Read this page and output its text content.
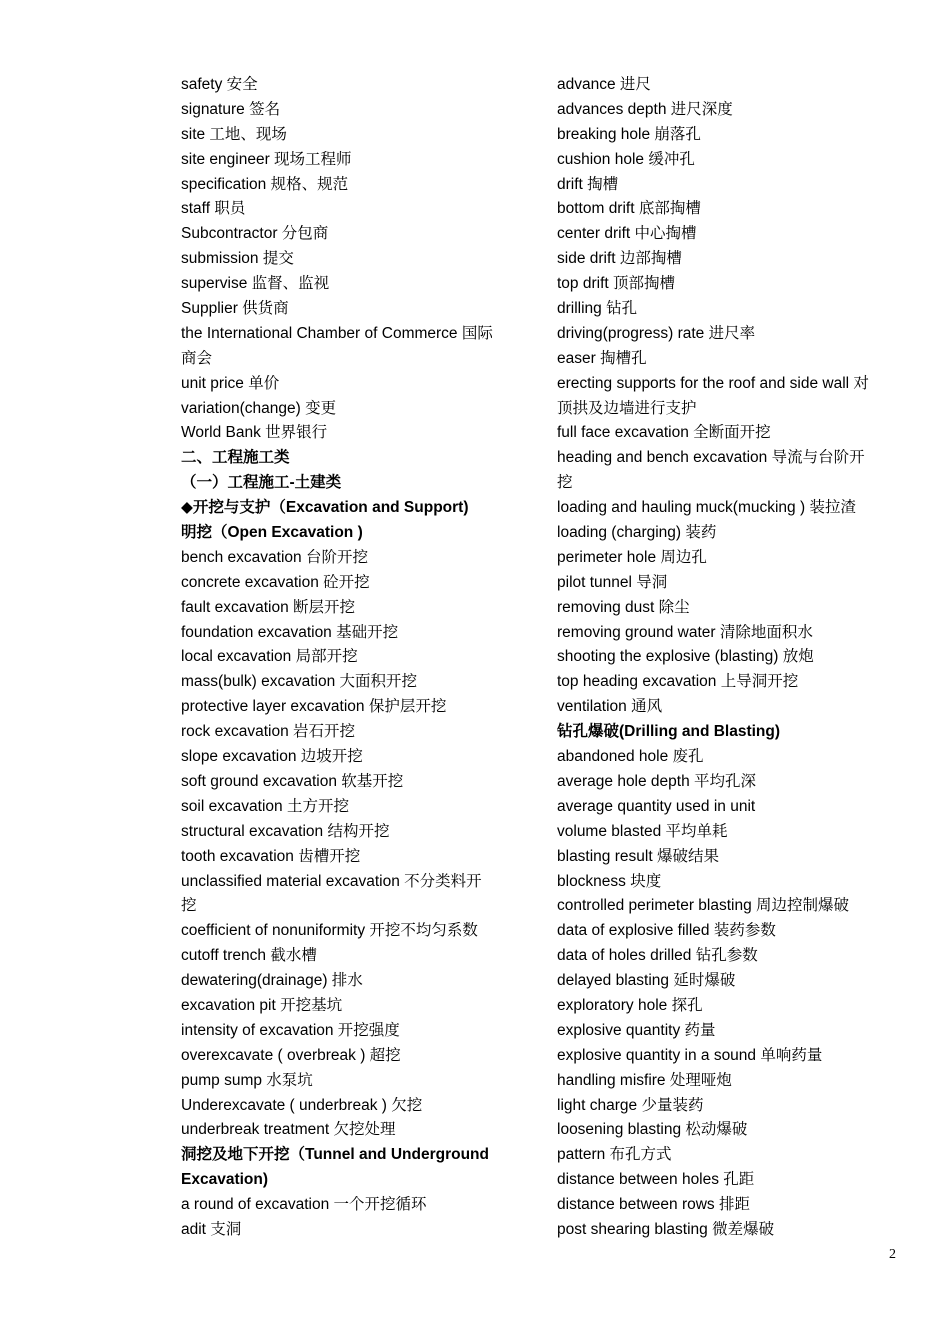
safety 安全
signature 签名
site 工地、现场
site engineer 现场工程师
specification 规格、规范
staff 职员
Subcontractor 分包商
submission 提交
supervise 监督、监视
Supplier 供货商
the International Chamber of Commerce 国际
商会
unit price 单价
variation(change) 变更
World Bank 世界银行
二、工程施工类
（一）工程施工-土建类
◆开挖与支护（Excavation and Support)
明挖（Open Excavation )
bench excavation 台阶开挖
concrete excavation 砼开挖
fault excavation 断层开挖
foundation excavation 基础开挖
local excavation 局部开挖
mass(bulk) excavation 大面积开挖
protective layer excavation 保护层开挖
rock excavation 岩石开挖
slope excavation 边坡开挖
soft ground excavation 软基开挖
soil excavation 土方开挖
structural excavation 结构开挖
tooth excavation 齿槽开挖
unclassified material excavation 不分类料开
挖
coefficient of nonuniformity 开挖不均匀系数
cutoff trench 截水槽
dewatering(drainage) 排水
excavation pit 开挖基坑
intensity of excavation 开挖强度
overexcavate ( overbreak ) 超挖
pump sump 水泵坑
Underexcavate ( underbreak ) 欠挖
underbreak treatment 欠挖处理
洞挖及地下开挖（Tunnel and Underground
Excavation)
a round of excavation 一个开挖循环
adit 支洞
advance 进尺
advances depth 进尺深度
breaking hole 崩落孔
cushion hole 缓冲孔
drift 掏槽
bottom drift 底部掏槽
center drift 中心掏槽
side drift 边部掏槽
top drift 顶部掏槽
drilling 钻孔
driving(progress) rate 进尺率
easer 掏槽孔
erecting supports for the roof and side wall 对
顶拱及边墙进行支护
full face excavation 全断面开挖
heading and bench excavation 导流与台阶开
挖
loading and hauling muck(mucking ) 装拉渣
loading (charging) 装药
perimeter hole 周边孔
pilot tunnel 导洞
removing dust 除尘
removing ground water 清除地面积水
shooting the explosive (blasting) 放炮
top heading excavation 上导洞开挖
ventilation 通风
钻孔爆破(Drilling and Blasting)
abandoned hole 废孔
average hole depth 平均孔深
average quantity used in unit
volume blasted 平均单耗
blasting result 爆破结果
blockness 块度
controlled perimeter blasting 周边控制爆破
data of explosive filled 装药参数
data of holes drilled 钻孔参数
delayed blasting 延时爆破
exploratory hole 探孔
explosive quantity 药量
explosive quantity in a sound 单响药量
handling misfire 处理哑炮
light charge 少量装药
loosening blasting 松动爆破
pattern 布孔方式
distance between holes 孔距
distance between rows 排距
post shearing blasting 微差爆破
2
